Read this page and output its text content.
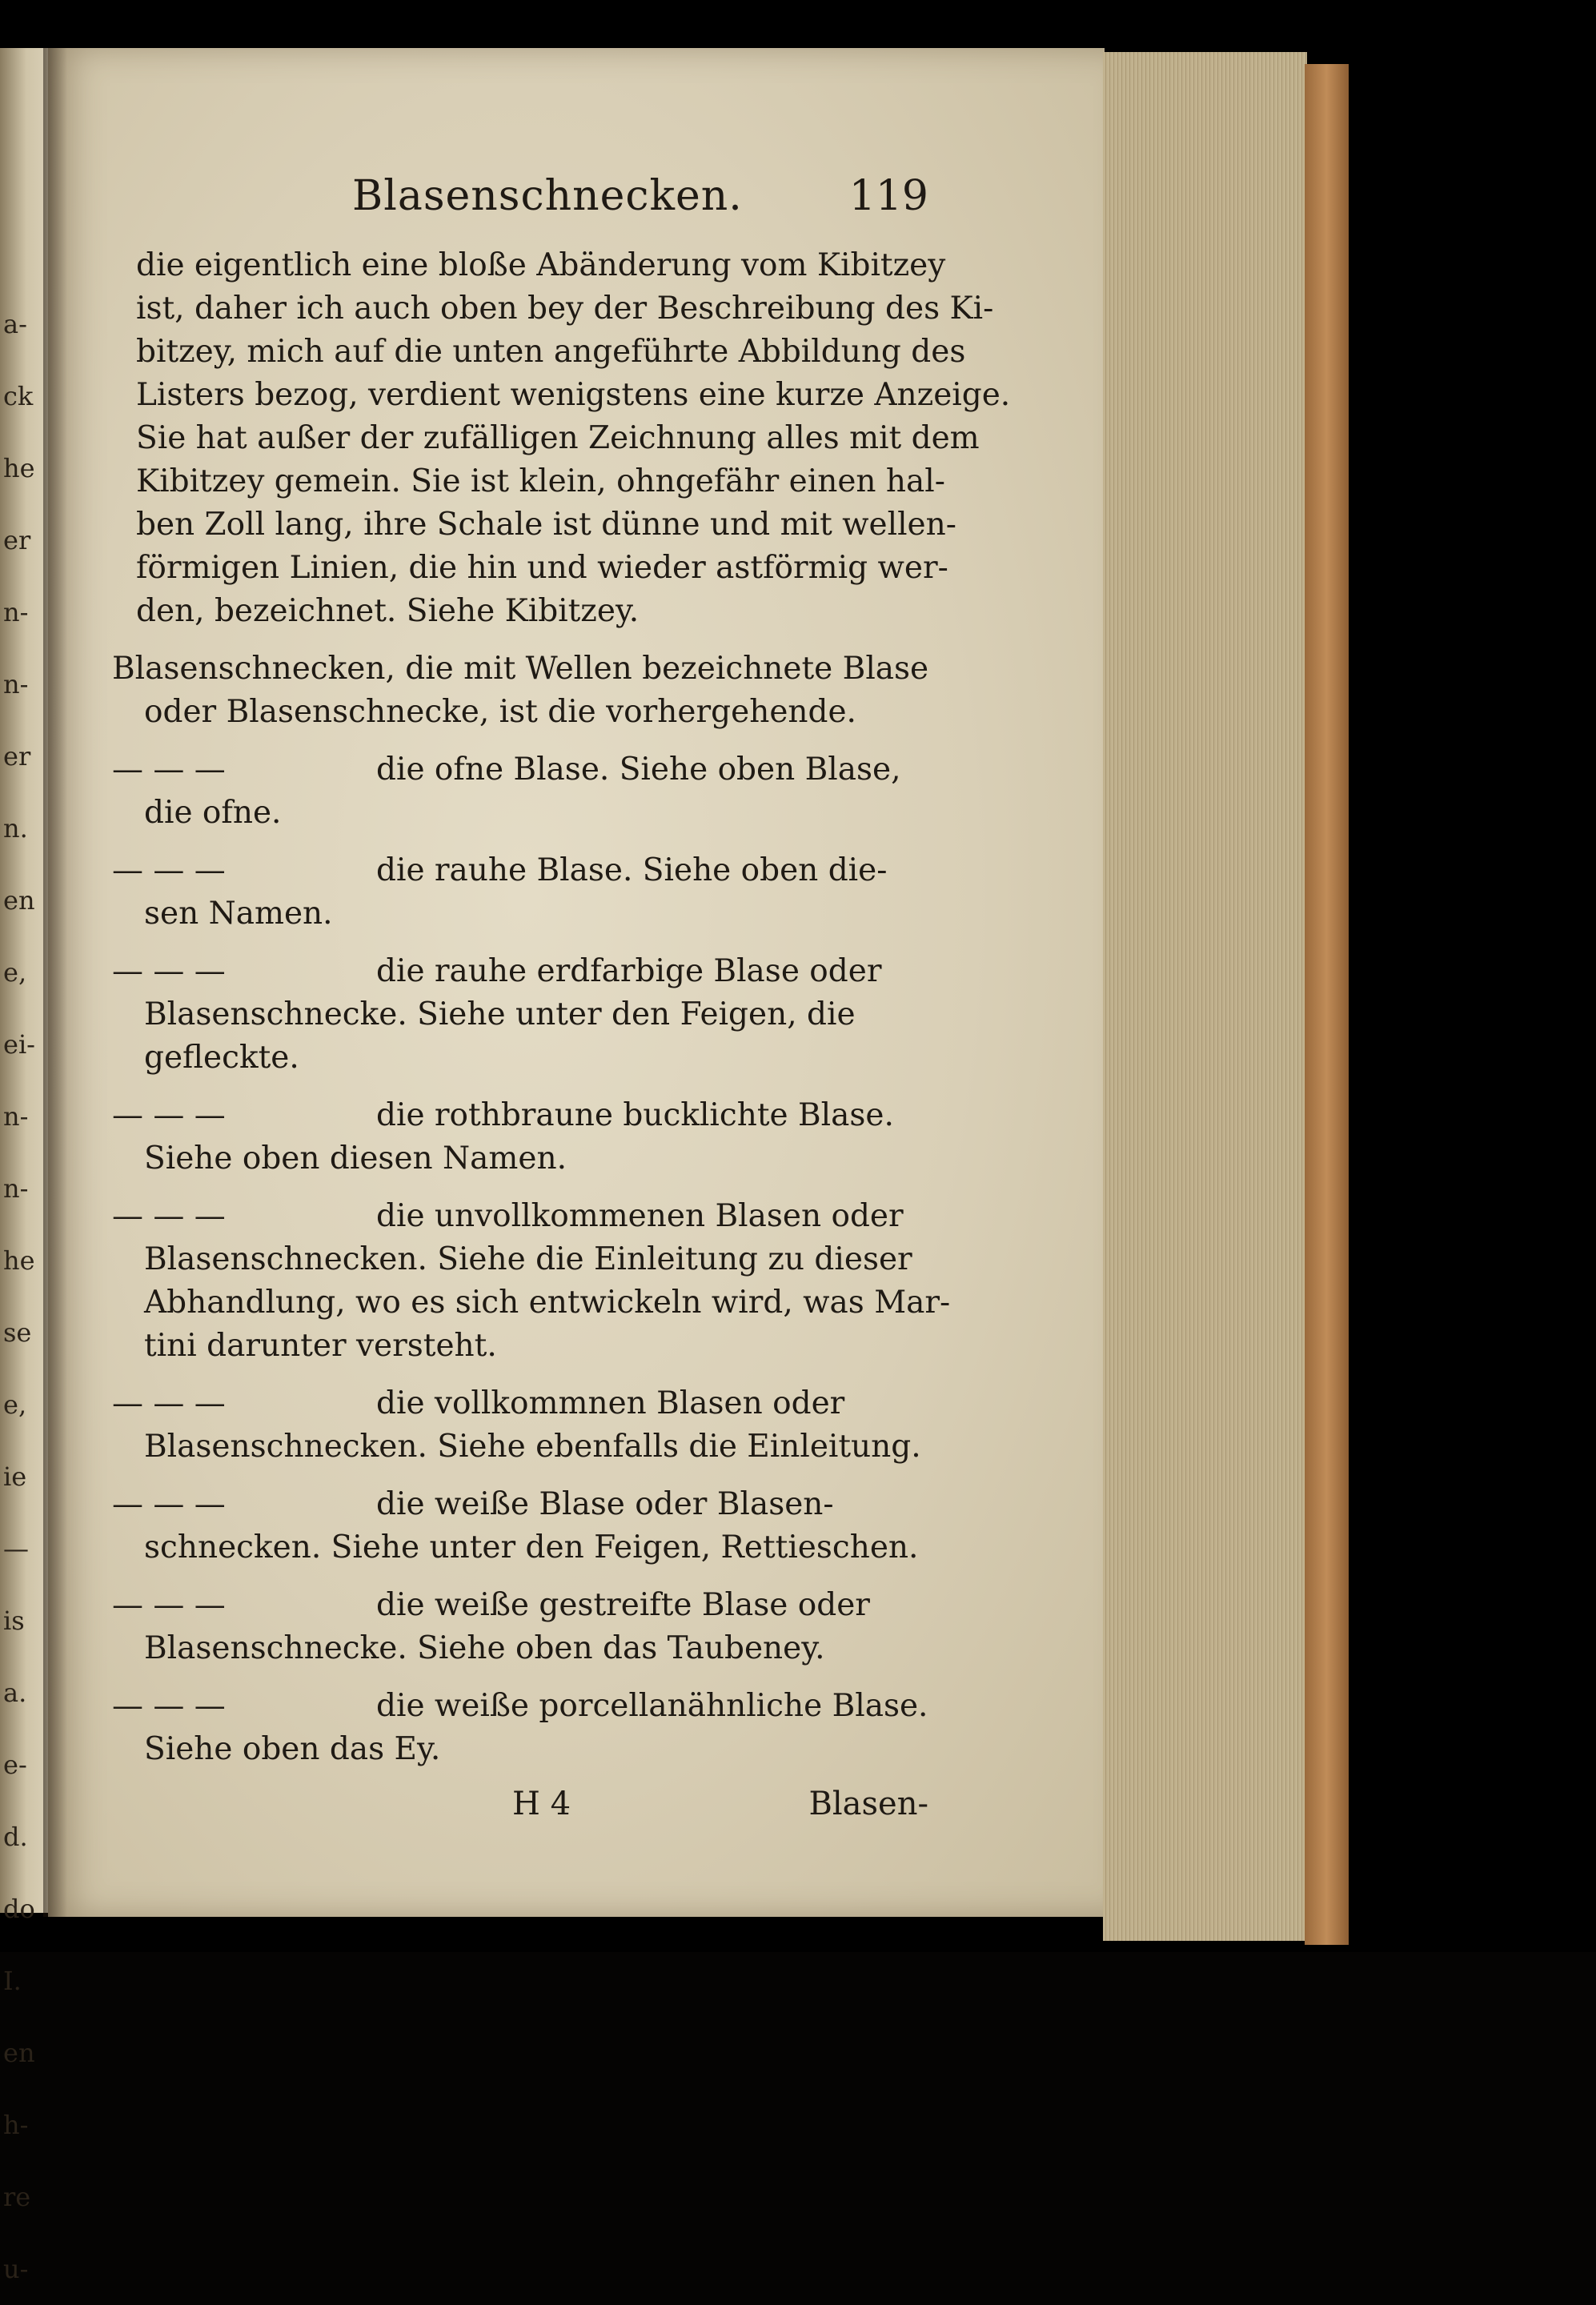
a-
ck
he
er
n-
n-
er
n.
en
e,
ei-
n-
n-
he
se
e,
ie
—
is
a.
e-
d.
do
I.
en
h-
re
u-
Blasenschnecken.	119
die eigentlich eine bloße Abänderung vom Kibitzey
ist, daher ich auch oben bey der Beschreibung des Ki-
bitzey, mich auf die unten angeführte Abbildung des
Listers bezog, verdient wenigstens eine kurze Anzeige.
Sie hat außer der zufälligen Zeichnung alles mit dem
Kibitzey gemein. Sie ist klein, ohngefähr einen hal-
ben Zoll lang, ihre Schale ist dünne und mit wellen-
förmigen Linien, die hin und wieder astförmig wer-
den, bezeichnet. Siehe Kibitzey.
Blasenschnecken, die mit Wellen bezeichnete Blase
oder Blasenschnecke, ist die vorhergehende.
— — —	die ofne Blase. Siehe oben Blase,
die ofne.
— — —	die rauhe Blase. Siehe oben die-
sen Namen.
— — —	die rauhe erdfarbige Blase oder
Blasenschnecke. Siehe unter den Feigen, die
gefleckte.
— — —	die rothbraune bucklichte Blase.
Siehe oben diesen Namen.
— — —	die unvollkommenen Blasen oder
Blasenschnecken. Siehe die Einleitung zu dieser
Abhandlung, wo es sich entwickeln wird, was Mar-
tini darunter versteht.
— — —	die vollkommnen Blasen oder
Blasenschnecken. Siehe ebenfalls die Einleitung.
— — —	die weiße Blase oder Blasen-
schnecken. Siehe unter den Feigen, Rettieschen.
— — —	die weiße gestreifte Blase oder
Blasenschnecke. Siehe oben das Taubeney.
— — —	die weiße porcellanähnliche Blase.
Siehe oben das Ey.
H 4	Blasen-
